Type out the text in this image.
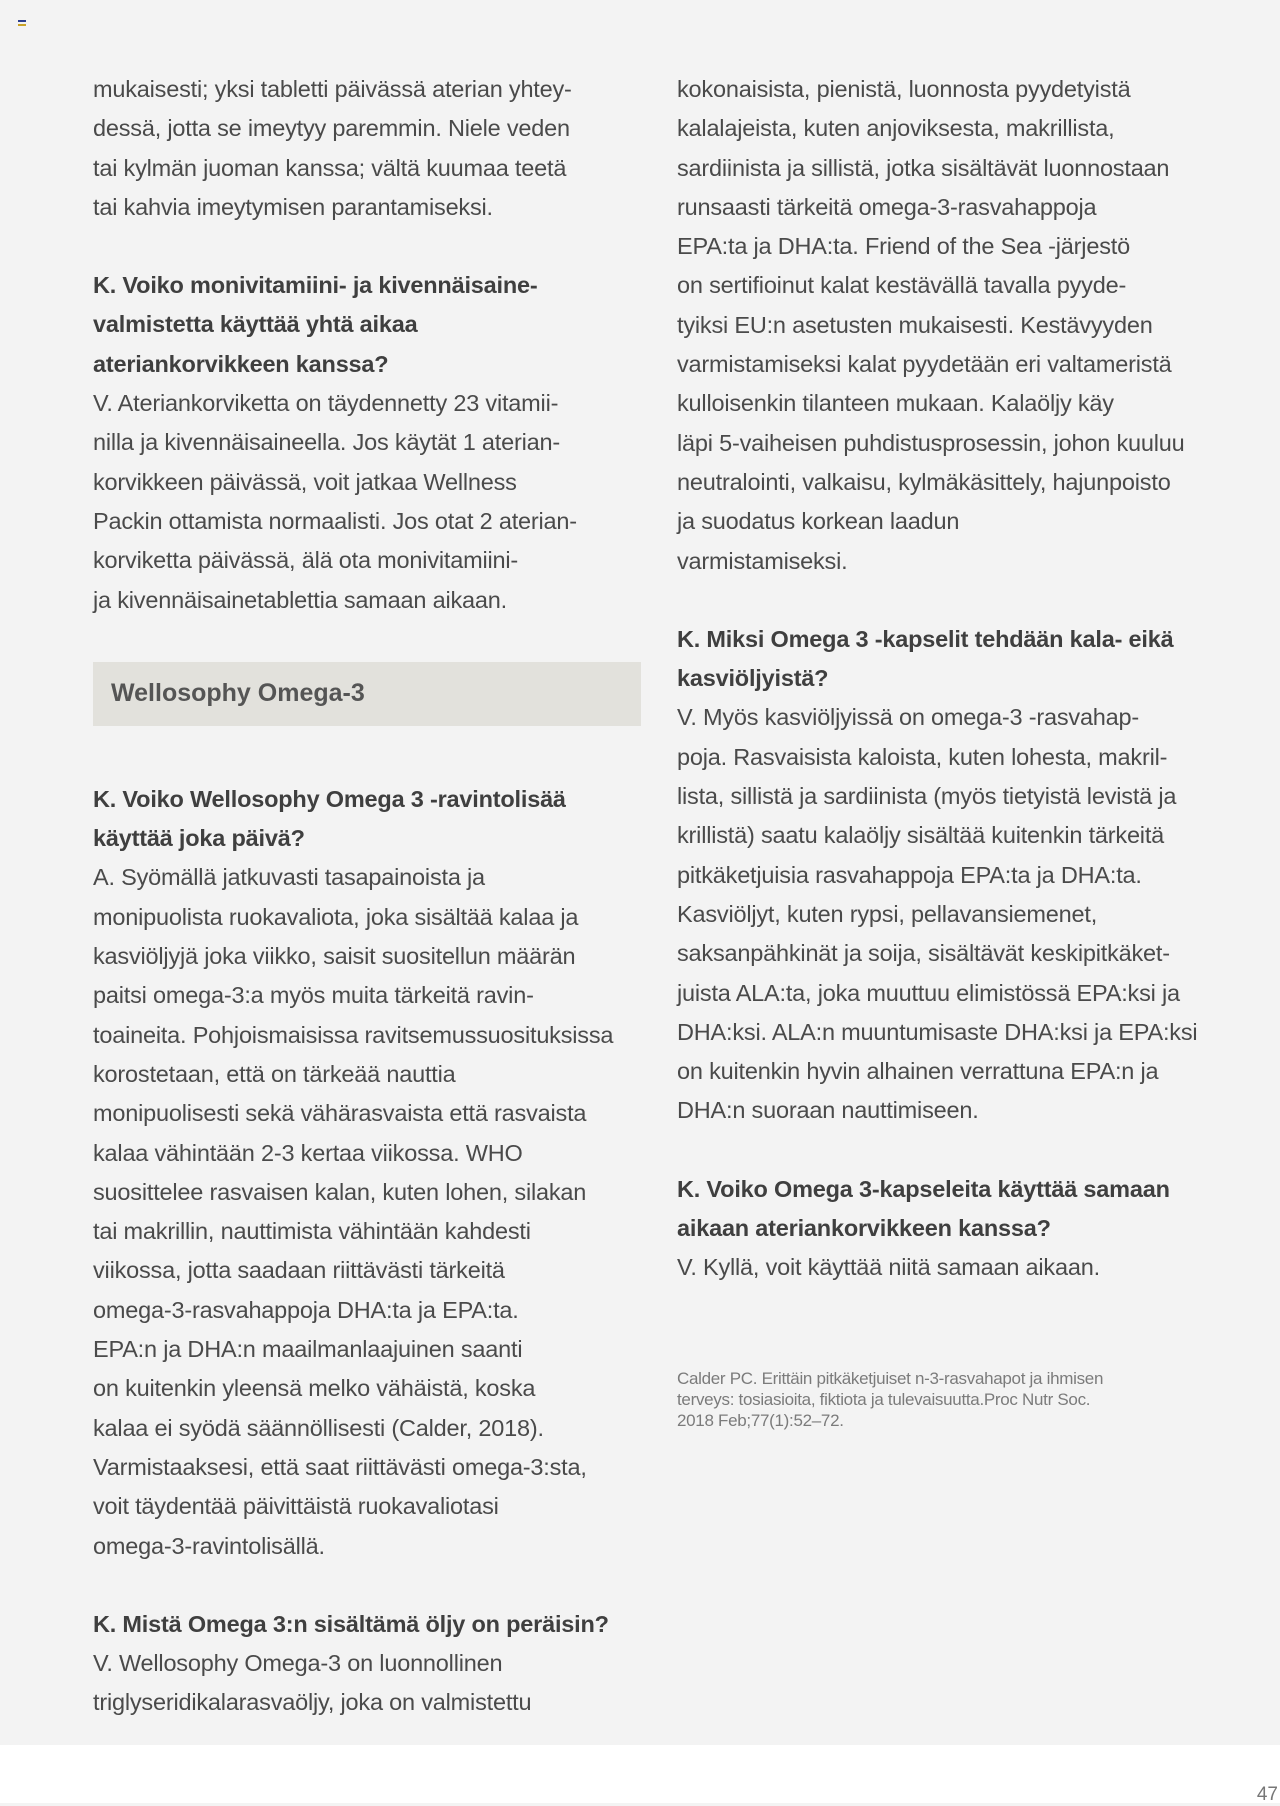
mukaisesti; yksi tabletti päivässä aterian yhtey-
dessä, jotta se imeytyy paremmin. Niele veden
tai kylmän juoman kanssa; vältä kuumaa teetä
tai kahvia imeytymisen parantamiseksi.

K. Voiko monivitamiini- ja kivennäisaine-
valmistetta käyttää yhtä aikaa
ateriankorvikkeen kanssa?

V. Ateriankorviketta on täydennetty 23 vitamii-
nilla ja kivennäisaineella. Jos käytät 1 aterian-
korvikkeen päivässä, voit jatkaa Wellness
Packin ottamista normaalisti. Jos otat 2 aterian-
korviketta päivässä, älä ota monivitamiini-
ja kivennäisainetablettia samaan aikaan.

Wellosophy Omega-3

K. Voiko Wellosophy Omega 3 -ravintolisää
käyttää joka päivä?

A. Syömällä jatkuvasti tasapainoista ja
monipuolista ruokavaliota, joka sisältää kalaa ja
kasviöljyjä joka viikko, saisit suositellun määrän
paitsi omega-3:a myös muita tärkeitä ravin-
toaineita. Pohjoismaisissa ravitsemussuosituksissa
korostetaan, että on tärkeää nauttia
monipuolisesti sekä vähärasvaista että rasvaista
kalaa vähintään 2-3 kertaa viikossa. WHO
suosittelee rasvaisen kalan, kuten lohen, silakan
tai makrillin, nauttimista vähintään kahdesti
viikossa, jotta saadaan riittävästi tärkeitä
omega-3-rasvahappoja DHA:ta ja EPA:ta.
EPA:n ja DHA:n maailmanlaajuinen saanti
on kuitenkin yleensä melko vähäistä, koska
kalaa ei syödä säännöllisesti (Calder, 2018).
Varmistaaksesi, että saat riittävästi omega-3:sta,
voit täydentää päivittäistä ruokavaliotasi
omega-3-ravintolisällä.

K. Mistä Omega 3:n sisältämä öljy on peräisin?

V. Wellosophy Omega-3 on luonnollinen
triglyseridikalarasvaöljy, joka on valmistettu

kokonaisista, pienistä, luonnosta pyydetyistä
kalalajeista, kuten anjoviksesta, makrillista,
sardiinista ja sillistä, jotka sisältävät luonnostaan
runsaasti tärkeitä omega-3-rasvahappoja
EPA:ta ja DHA:ta. Friend of the Sea -järjestö
on sertifioinut kalat kestävällä tavalla pyyde-
tyiksi EU:n asetusten mukaisesti. Kestävyyden
varmistamiseksi kalat pyydetään eri valtameristä
kulloisenkin tilanteen mukaan. Kalaöljy käy
läpi 5-vaiheisen puhdistusprosessin, johon kuuluu
neutralointi, valkaisu, kylmäkäsittely, hajunpoisto
ja suodatus korkean laadun
varmistamiseksi.

K. Miksi Omega 3 -kapselit tehdään kala- eikä
kasviöljyistä?

V. Myös kasviöljyissä on omega-3 -rasvahap-
poja. Rasvaisista kaloista, kuten lohesta, makril-
lista, sillistä ja sardiinista (myös tietyistä levistä ja
krillistä) saatu kalaöljy sisältää kuitenkin tärkeitä
pitkäketjuisia rasvahappoja EPA:ta ja DHA:ta.
Kasviöljyt, kuten rypsi, pellavansiemenet,
saksanpähkinät ja soija, sisältävät keskipitkäket-
juista ALA:ta, joka muuttuu elimistössä EPA:ksi ja
DHA:ksi. ALA:n muuntumisaste DHA:ksi ja EPA:ksi
on kuitenkin hyvin alhainen verrattuna EPA:n ja
DHA:n suoraan nauttimiseen.

K. Voiko Omega 3-kapseleita käyttää samaan
aikaan ateriankorvikkeen kanssa?

V. Kyllä, voit käyttää niitä samaan aikaan.

Calder PC. Erittäin pitkäketjuiset n-3-rasvahapot ja ihmisen
terveys: tosiasioita, fiktiota ja tulevaisuutta.Proc Nutr Soc.
2018 Feb;77(1):52–72.
47
